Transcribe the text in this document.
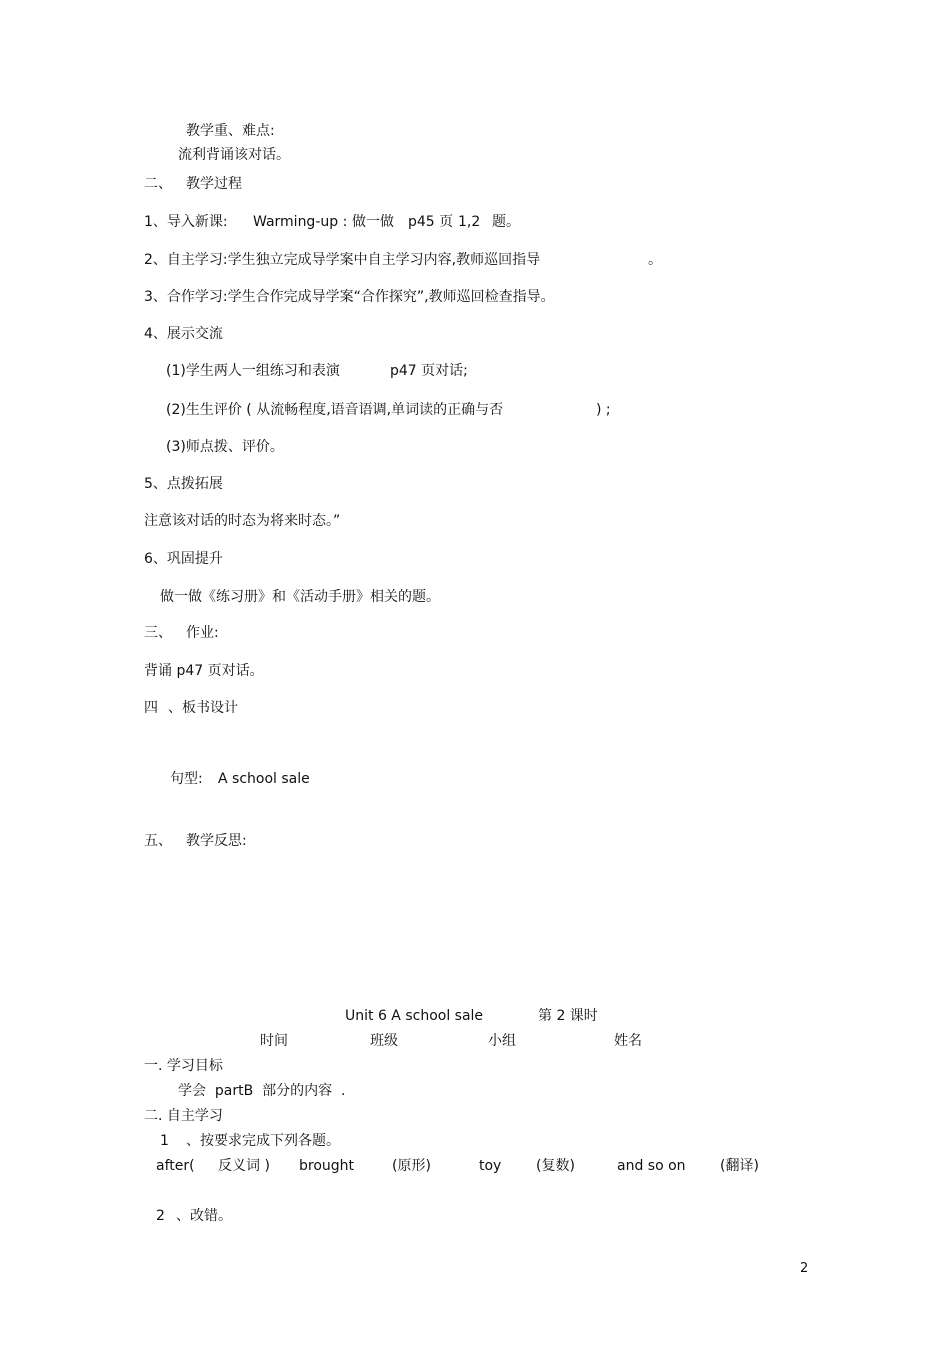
教学重、难点:
流利背诵该对话。
二、 教学过程
1、导入新课: Warming-up : 做一做 p45 页 1,2 题。
2、自主学习:学生独立完成导学案中自主学习内容,教师巡回指导	。
3、合作学习:学生合作完成导学案“合作探究”,教师巡回检查指导。
4、展示交流
(1)学生两人一组练习和表演	p47 页对话;
(2)生生评价 ( 从流畅程度,语音语调,单词读的正确与否	) ;
(3)师点拨、评价。
5、点拨拓展
注意该对话的时态为将来时态。”
6、巩固提升
做一做《练习册》和《活动手册》相关的题。
三、 作业:
背诵 p47 页对话。
四 、板书设计
句型: A school sale
五、 教学反思:
Unit 6 A school sale	第 2 课时
时间	班级	小组	姓名
一. 学习目标
学会  partB  部分的内容  .
二. 自主学习
1 、按要求完成下列各题。
after( 反义词 ) brought	(原形)	toy (复数)	and so on (翻译)
2 、改错。
2
